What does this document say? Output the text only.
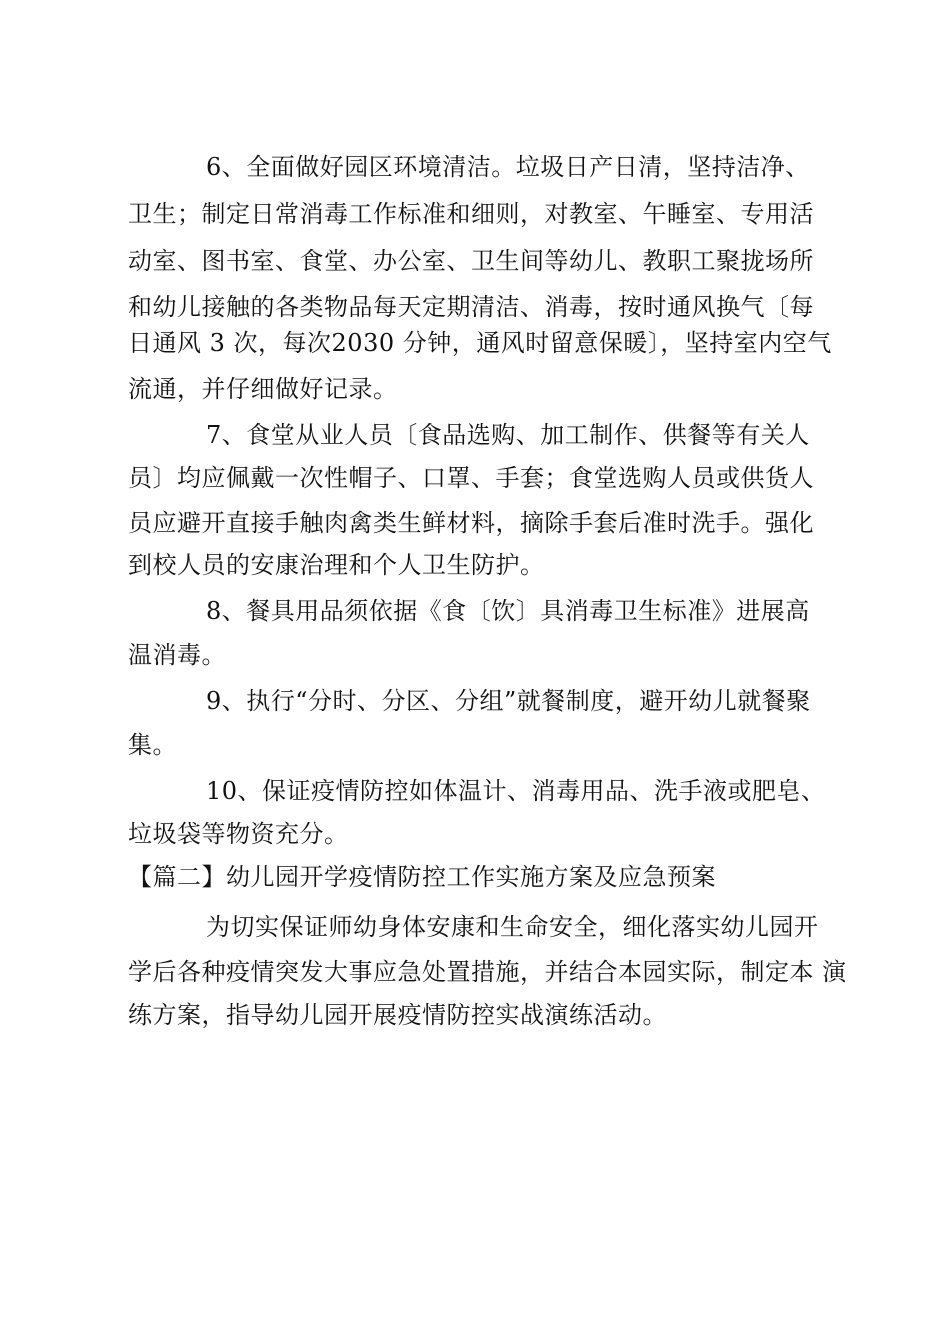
6、全面做好园区环境清洁。垃圾日产日清，坚持洁净、
卫生；制定日常消毒工作标准和细则，对教室、午睡室、专用活
动室、图书室、食堂、办公室、卫生间等幼儿、教职工聚拢场所
和幼儿接触的各类物品每天定期清洁、消毒，按时通风换气〔每
日通风 3 次，每次2030 分钟，通风时留意保暖〕，坚持室内空气
流通，并仔细做好记录。
7、食堂从业人员〔食品选购、加工制作、供餐等有关人
员〕均应佩戴一次性帽子、口罩、手套；食堂选购人员或供货人
员应避开直接手触肉禽类生鲜材料，摘除手套后准时洗手。强化
到校人员的安康治理和个人卫生防护。
8、餐具用品须依据《食〔饮〕具消毒卫生标准》进展高
温消毒。
9、执行“分时、分区、分组”就餐制度，避开幼儿就餐聚
集。
10、保证疫情防控如体温计、消毒用品、洗手液或肥皂、
垃圾袋等物资充分。
【篇二】幼儿园开学疫情防控工作实施方案及应急预案
为切实保证师幼身体安康和生命安全，细化落实幼儿园开
学后各种疫情突发大事应急处置措施，并结合本园实际，制定本 演
练方案，指导幼儿园开展疫情防控实战演练活动。
